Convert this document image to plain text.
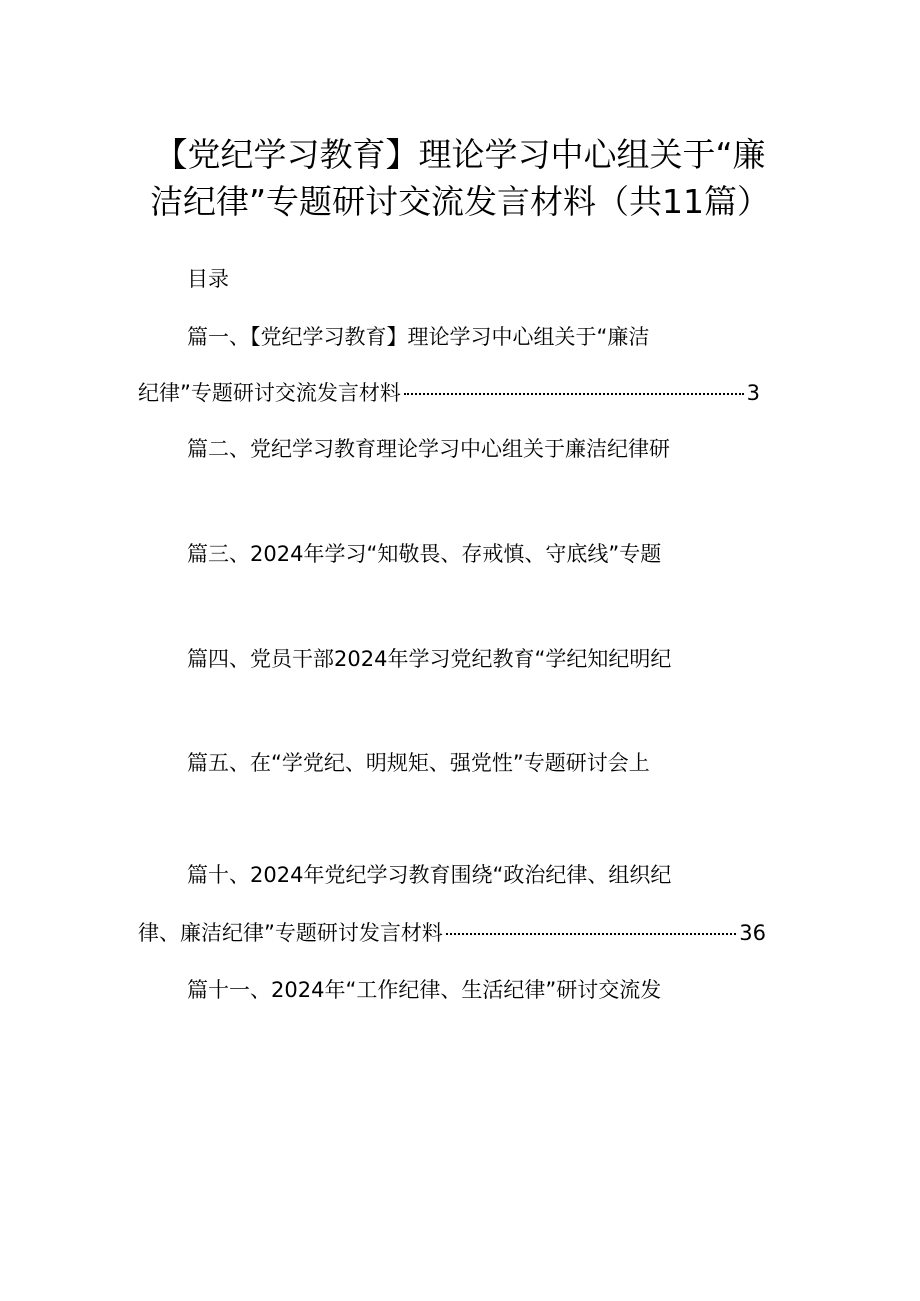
【党纪学习教育】理论学习中心组关于“廉
洁纪律”专题研讨交流发言材料（共11篇）
目录
篇一、【党纪学习教育】理论学习中心组关于“廉洁
纪律”专题研讨交流发言材料	3
篇二、党纪学习教育理论学习中心组关于廉洁纪律研
篇三、2024年学习“知敬畏、存戒慎、守底线”专题
篇四、党员干部2024年学习党纪教育“学纪知纪明纪
篇五、在“学党纪、明规矩、强党性”专题研讨会上
篇十、2024年党纪学习教育围绕“政治纪律、组织纪
律、廉洁纪律”专题研讨发言材料	36
篇十一、2024年“工作纪律、生活纪律”研讨交流发
